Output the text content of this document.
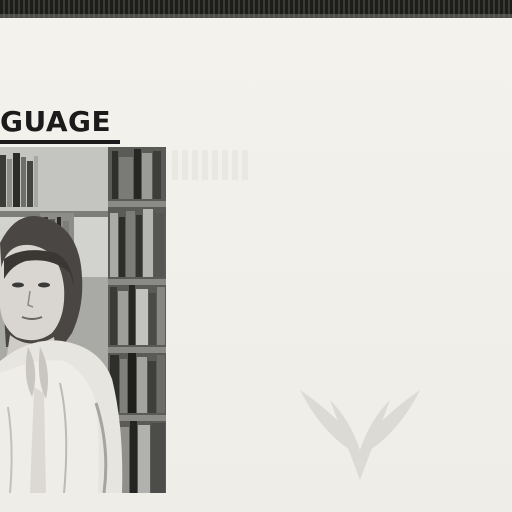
GUAGE
